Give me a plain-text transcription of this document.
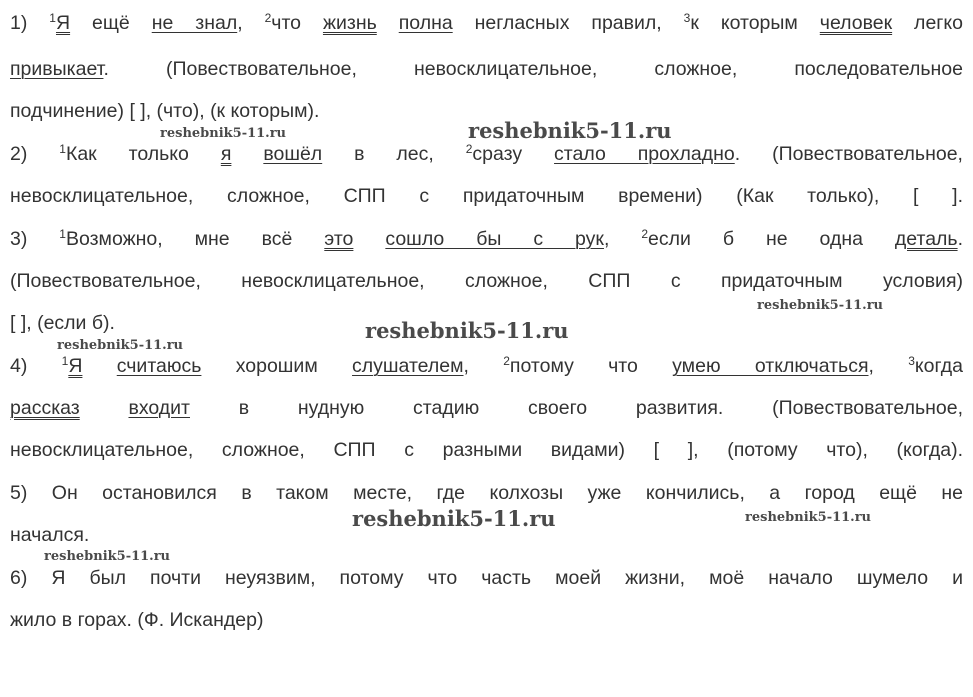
1) $^1$Я ещё не знал, $^2$что жизнь полна негласных правил, $^3$к которым человек легко
привыкает. (Повествовательное, невосклицательное, сложное, последовательное
подчинение) [ ], (что), (к которым).
2) $^1$Как только я вошёл в лес, $^2$сразу стало прохладно. (Повествовательное,
невосклицательное, сложное, СПП с придаточным времени) (Как только), [ ].
3) $^1$Возможно, мне всё это сошло бы с рук, $^2$если б не одна деталь.
(Повествовательное, невосклицательное, сложное, СПП с придаточным условия)
[ ], (если б).
4) $^1$Я считаюсь хорошим слушателем, $^2$потому что умею отключаться, $^3$когда
рассказ	входит в нудную стадию своего развития. (Повествовательное,
невосклицательное, сложное, СПП с разными видами) [ ], (потому что), (когда).
5) Он остановился в таком месте, где колхозы уже кончились, а город ещё не
начался.
6) Я был почти неуязвим, потому что часть моей жизни, моё начало шумело и
жило в горах. (Ф. Искандер)
reshebnik5-11.ru	reshebnik5-11.ru
reshebnik5-11.ru
reshebnik5-11.ru
reshebnik5-11.ru
reshebnik5-11.ru	reshebnik5-11.ru
reshebnik5-11.ru
